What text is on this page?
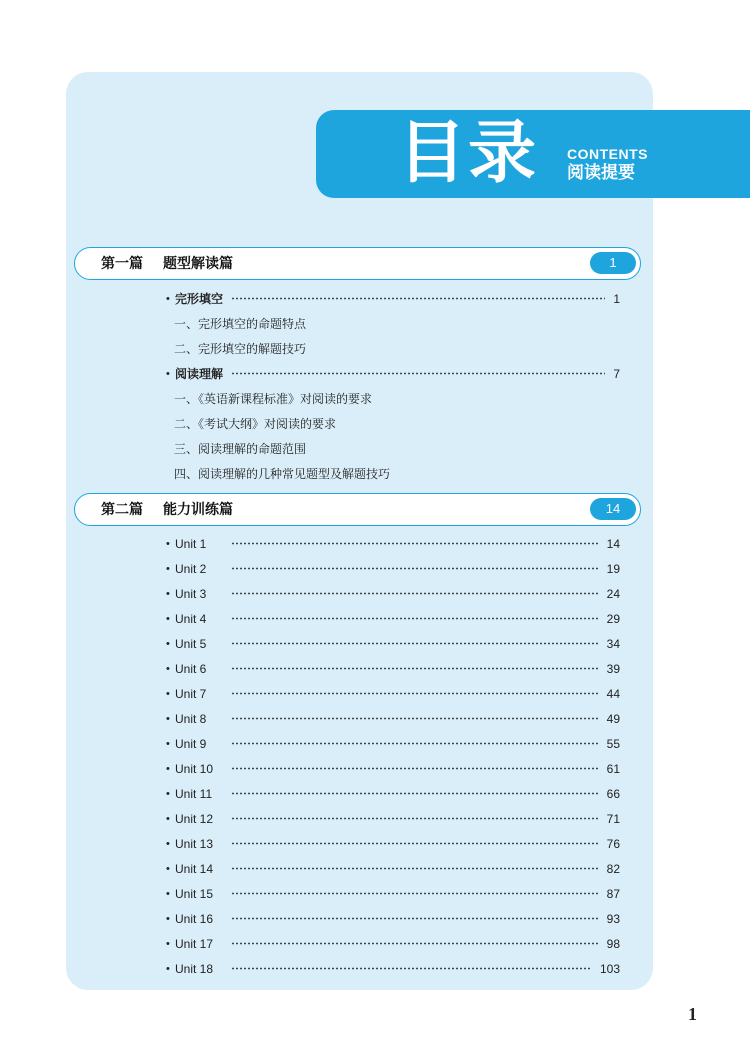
目录 CONTENTS
阅读提要
第一篇 题型解读篇	1
• 完形填空	1
一、完形填空的命题特点
二、完形填空的解题技巧
• 阅读理解	7
一、《英语新课程标准》对阅读的要求
二、《考试大纲》对阅读的要求
三、阅读理解的命题范围
四、阅读理解的几种常见题型及解题技巧
第二篇 能力训练篇	14
• Unit 1	14
• Unit 2	19
• Unit 3	24
• Unit 4	29
• Unit 5	34
• Unit 6	39
• Unit 7	44
• Unit 8	49
• Unit 9	55
• Unit 10	61
• Unit 11	66
• Unit 12	71
• Unit 13	76
• Unit 14	82
• Unit 15	87
• Unit 16	93
• Unit 17	98
• Unit 18	103
1
